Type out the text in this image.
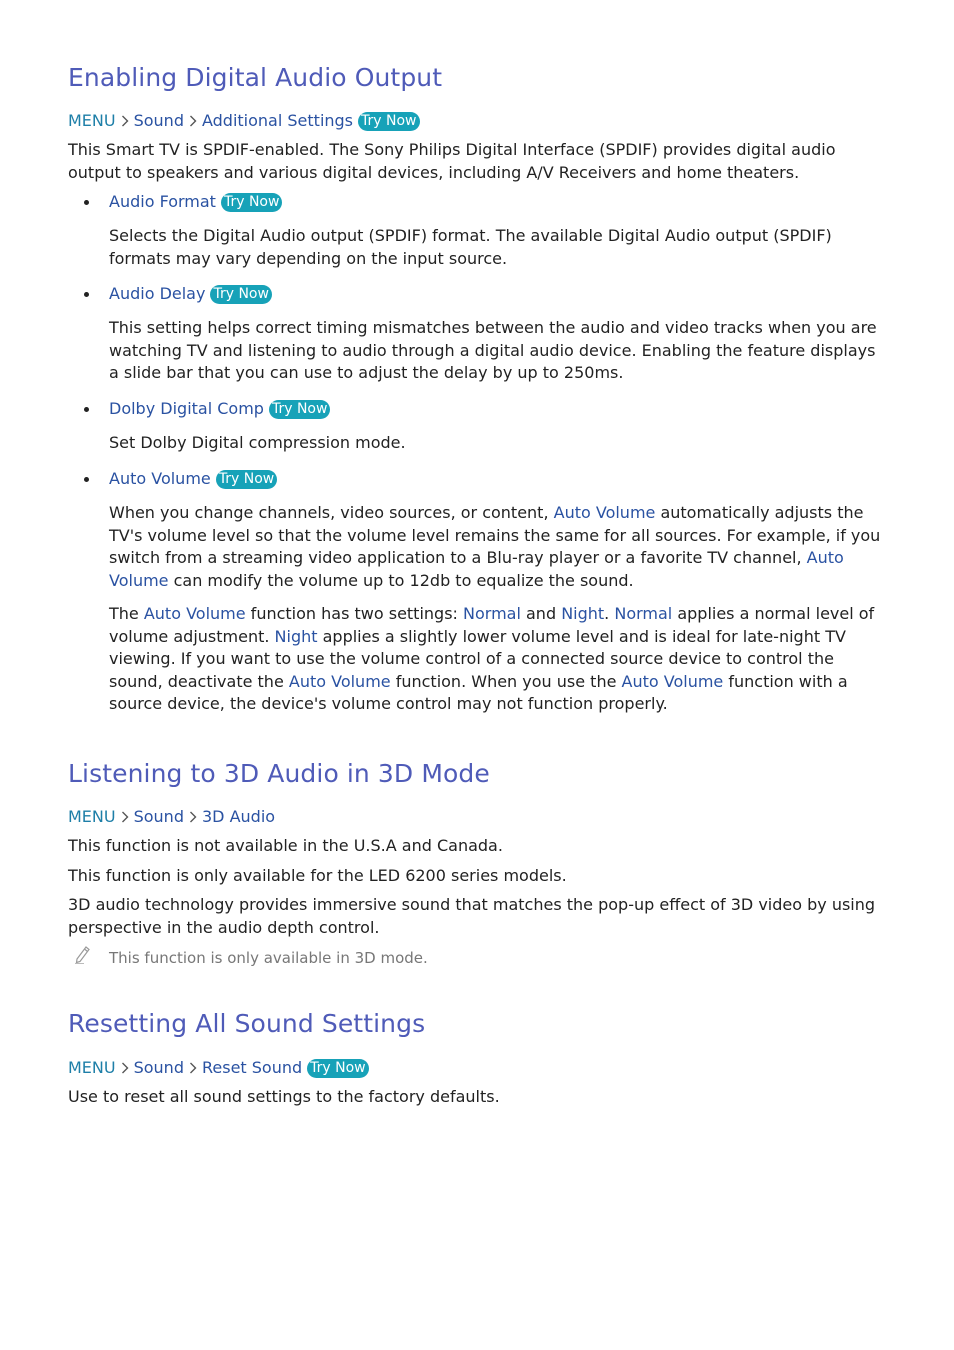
Enabling Digital Audio Output
MENU Sound Additional Settings Try Now

This Smart TV is SPDIF-enabled. The Sony Philips Digital Interface (SPDIF) provides digital audio output to speakers and various digital devices, including A/V Receivers and home theaters.

Audio Format Try Now

Selects the Digital Audio output (SPDIF) format. The available Digital Audio output (SPDIF) formats may vary depending on the input source.

Audio Delay Try Now

This setting helps correct timing mismatches between the audio and video tracks when you are watching TV and listening to audio through a digital audio device. Enabling the feature displays a slide bar that you can use to adjust the delay by up to 250ms.

Dolby Digital Comp Try Now

Set Dolby Digital compression mode.

Auto Volume Try Now

When you change channels, video sources, or content, Auto Volume automatically adjusts the TV's volume level so that the volume level remains the same for all sources. For example, if you switch from a streaming video application to a Blu-ray player or a favorite TV channel, Auto Volume can modify the volume up to 12db to equalize the sound.

The Auto Volume function has two settings: Normal and Night. Normal applies a normal level of volume adjustment. Night applies a slightly lower volume level and is ideal for late-night TV viewing. If you want to use the volume control of a connected source device to control the sound, deactivate the Auto Volume function. When you use the Auto Volume function with a source device, the device's volume control may not function properly.

Listening to 3D Audio in 3D Mode
MENU Sound 3D Audio

This function is not available in the U.S.A and Canada.

This function is only available for the LED 6200 series models.

3D audio technology provides immersive sound that matches the pop-up effect of 3D video by using perspective in the audio depth control.

This function is only available in 3D mode.
Resetting All Sound Settings
MENU Sound Reset Sound Try Now

Use to reset all sound settings to the factory defaults.
